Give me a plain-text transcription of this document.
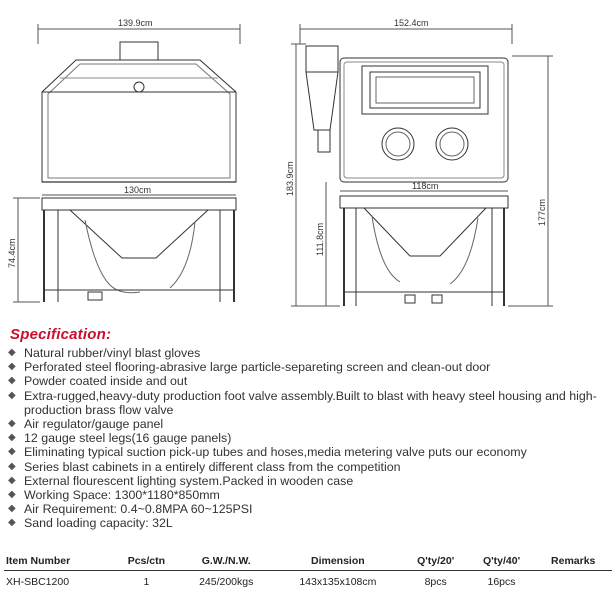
139.9cm
130cm
74.4cm
152.4cm
118cm
183.9cm
111.8cm
177cm
Specification:
◆ Natural rubber/vinyl blast gloves
◆ Perforated steel flooring-abrasive large particle-separeting screen and clean-out door
◆ Powder coated inside and out
◆ Extra-rugged,heavy-duty production foot valve assembly.Built to blast with heavy steel housing and high-production brass flow valve
◆ Air regulator/gauge panel
◆ 12 gauge steel legs(16 gauge panels)
◆ Eliminating typical suction pick-up tubes and hoses,media metering valve puts our economy
◆ Series blast cabinets in a entirely different class from the competition
◆ External flourescent lighting system.Packed in wooden case
◆ Working Space: 1300*1180*850mm
◆ Air Requirement: 0.4~0.8MPA 60~125PSI
◆ Sand loading capacity: 32L
Item Number	Pcs/ctn	G.W./N.W.	Dimension	Q'ty/20'	Q'ty/40'	Remarks
XH-SBC1200	1	245/200kgs	143x135x108cm	8pcs	16pcs	
